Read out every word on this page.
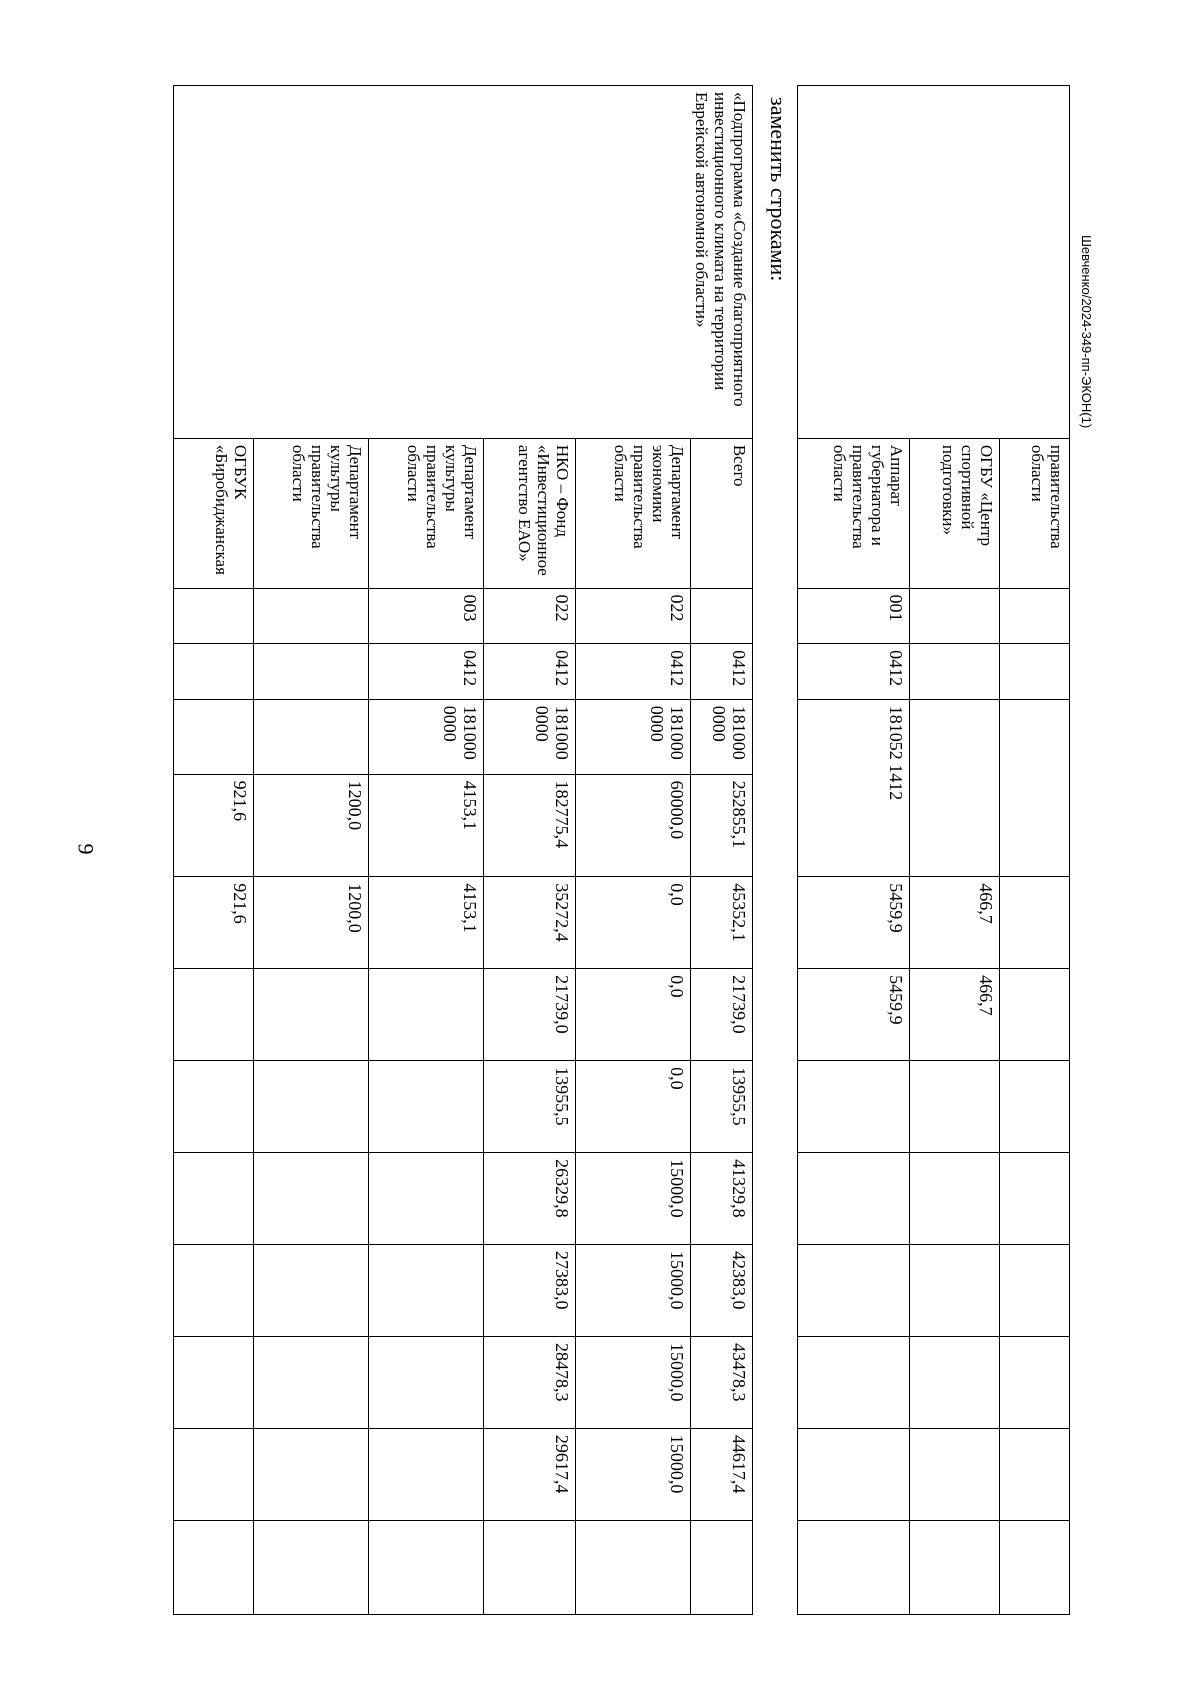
9
Шевченко/2024-349-пп-ЭКОН(1)
	правительства области											
	ОГБУ «Центр спортивной подготовки»				466,7	466,7						
	Аппарат губернатора и правительства области	001	0412	181052 1412	5459,9	5459,9						
заменить строками:
«Подпрограмма «Создание благоприятного инвестиционного климата на территории Еврейской автономной области»	Всего		0412	181000 0000	252855,1	45352,1	21739,0	13955,5	41329,8	42383,0	43478,3	44617,4	
	Департамент экономики правительства области	022	0412	181000 0000	60000,0	0,0	0,0	0,0	15000,0	15000,0	15000,0	15000,0	
	НКО – Фонд «Инвестиционное агентство ЕАО»	022	0412	181000 0000	182775,4	35272,4	21739,0	13955,5	26329,8	27383,0	28478,3	29617,4	
	Департамент культуры правительства области	003	0412	181000 0000	4153,1	4153,1							
	Департамент культуры правительства области				1200,0	1200,0							
	ОГБУК «Биробиджанская				921,6	921,6							
